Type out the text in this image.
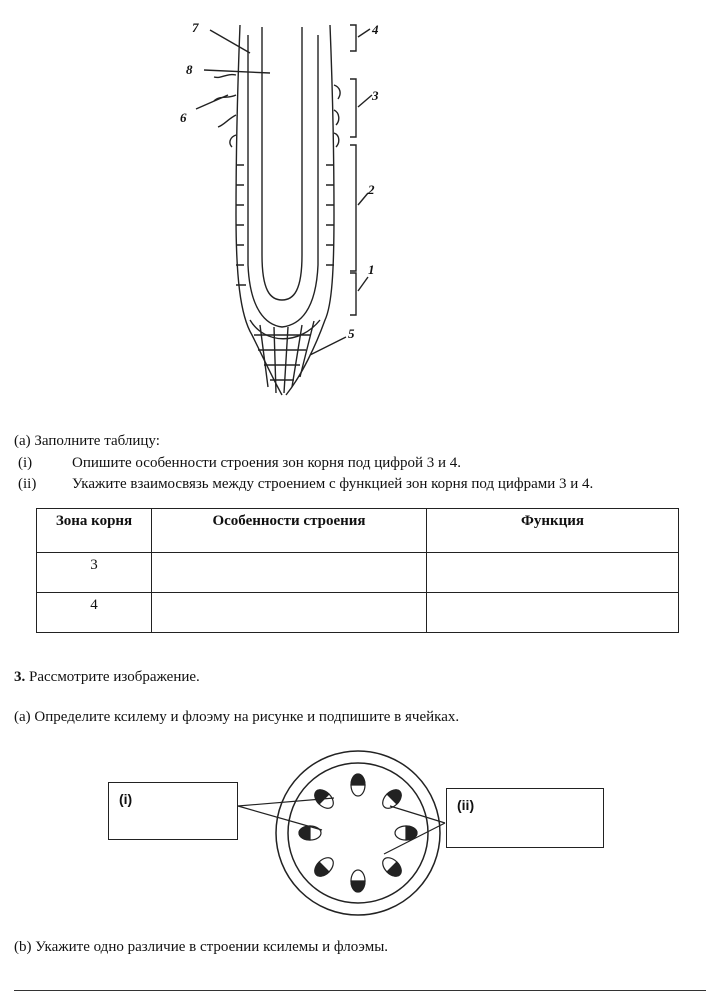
7
8
6
4
3
2
1
5
(a) Заполните таблицу:
(i)	Опишите особенности строения зон корня под цифрой 3 и 4.
(ii) Укажите взаимосвязь между строением с функцией зон корня под цифрами 3 и 4.
Зона корня	Особенности строения	Функция
3		
4		
3. Рассмотрите изображение.
(a) Определите ксилему и флоэму на рисунке и подпишите в ячейках.
(i)	(ii)
(b) Укажите одно различие в строении ксилемы и флоэмы.
